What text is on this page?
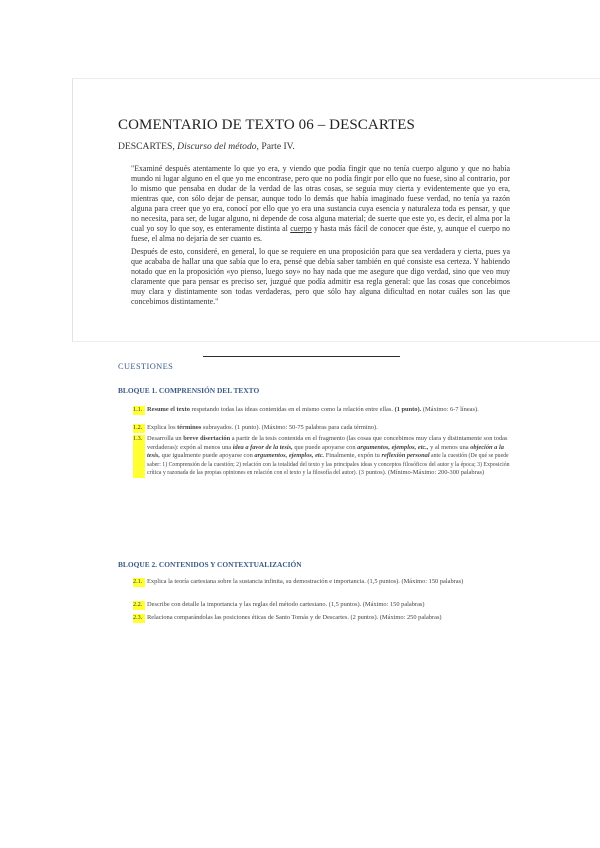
COMENTARIO DE TEXTO 06 – DESCARTES
DESCARTES, Discurso del método, Parte IV.
"Examiné después atentamente lo que yo era, y viendo que podía fingir que no tenía cuerpo alguno y que no había mundo ni lugar alguno en el que yo me encontrase, pero que no podía fingir por ello que no fuese, sino al contrario, por lo mismo que pensaba en dudar de la verdad de las otras cosas, se seguía muy cierta y evidentemente que yo era, mientras que, con sólo dejar de pensar, aunque todo lo demás que había imaginado fuese verdad, no tenía ya razón alguna para creer que yo era, conocí por ello que yo era una sustancia cuya esencia y naturaleza toda es pensar, y que no necesita, para ser, de lugar alguno, ni depende de cosa alguna material; de suerte que este yo, es decir, el alma por la cual yo soy lo que soy, es enteramente distinta al cuerpo y hasta más fácil de conocer que éste, y, aunque el cuerpo no fuese, el alma no dejaría de ser cuanto es.
Después de esto, consideré, en general, lo que se requiere en una proposición para que sea verdadera y cierta, pues ya que acababa de hallar una que sabía que lo era, pensé que debía saber también en qué consiste esa certeza. Y habiendo notado que en la proposición «yo pienso, luego soy» no hay nada que me asegure que digo verdad, sino que veo muy claramente que para pensar es preciso ser, juzgué que podía admitir esa regla general: que las cosas que concebimos muy clara y distintamente son todas verdaderas, pero que sólo hay alguna dificultad en notar cuáles son las que concebimos distintamente."
CUESTIONES
BLOQUE 1. COMPRENSIÓN DEL TEXTO
1.1. Resume el texto respetando todas las ideas contenidas en el mismo como la relación entre ellas. (1 punto). (Máximo: 6-7 líneas).
1.2. Explica los términos subrayados. (1 punto). (Máximo: 50-75 palabras para cada término).
1.3. Desarrolla un breve disertación a partir de la tesis contenida en el fragmento (las cosas que concebimos muy clara y distintamente son todas verdaderas): expón al menos una idea a favor de la tesis, que puede apoyarse con argumentos, ejemplos, etc., y al menos una objeción a la tesis, que igualmente puede apoyarse con argumentos, ejemplos, etc. Finalmente, expón tu reflexión personal ante la cuestión (De qué se puede saber: 1) Comprensión de la cuestión; 2) relación con la totalidad del texto y las principales ideas y conceptos filosóficos del autor y la época; 3) Exposición crítica y razonada de las propias opiniones en relación con el texto y la filosofía del autor). (3 puntos). (Mínimo-Máximo: 200-300 palabras)
BLOQUE 2. CONTENIDOS Y CONTEXTUALIZACIÓN
2.1. Explica la teoría cartesiana sobre la sustancia infinita, su demostración e importancia. (1,5 puntos). (Máximo: 150 palabras)
2.2. Describe con detalle la importancia y las reglas del método cartesiano. (1,5 puntos). (Máximo: 150 palabras)
2.3. Relaciona comparándolas las posiciones éticas de Santo Tomás y de Descartes. (2 puntos). (Máximo: 250 palabras)
